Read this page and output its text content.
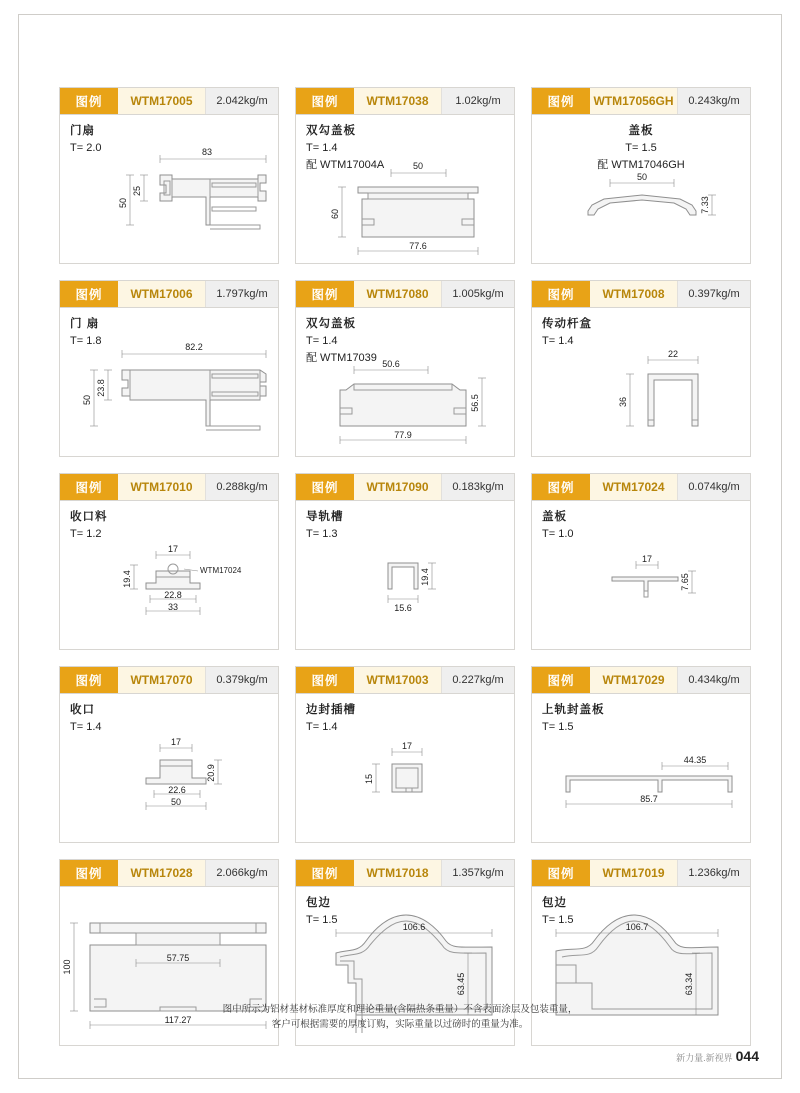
图例	WTM17005	2.042kg/m
门扇
T= 2.0	83
50
25
图例	WTM17038	1.02kg/m
双勾盖板
T= 1.4
配 WTM17004A	50
60
77.6
图例	WTM17056GH	0.243kg/m
盖板
T= 1.5
配 WTM17046GH
50
7.33
图例	WTM17006	1.797kg/m
门 扇
T= 1.8	82.2
50
23.8
图例	WTM17080	1.005kg/m
双勾盖板
T= 1.4
配 WTM17039 50.6
56.5
77.9
图例	WTM17008	0.397kg/m
传动杆盒
T= 1.4
22
36
图例	WTM17010	0.288kg/m
收口料
T= 1.2
WTM17024
17
19.4
22.8
33
图例	WTM17090	0.183kg/m
导轨槽
T= 1.3
15.6
19.4
图例	WTM17024	0.074kg/m
盖板
T= 1.0
17
7.65
图例	WTM17070	0.379kg/m
收口
T= 1.4
17
20.9
22.6
50
图例	WTM17003	0.227kg/m
边封插槽
T= 1.4
17
15
图例	WTM17029	0.434kg/m
上轨封盖板
T= 1.5
44.35
85.7
图例	WTM17028	2.066kg/m
100
57.75
117.27
图例	WTM17018	1.357kg/m
包边
T= 1.5
106.6
63.45
图例	WTM17019	1.236kg/m
包边
T= 1.5
106.7
63.34
图中所示为铝材基材标准厚度和理论重量(含隔热条重量）不含表面涂层及包装重量，
客户可根据需要的厚度订购，实际重量以过磅时的重量为准。
新力量.新视界 044
